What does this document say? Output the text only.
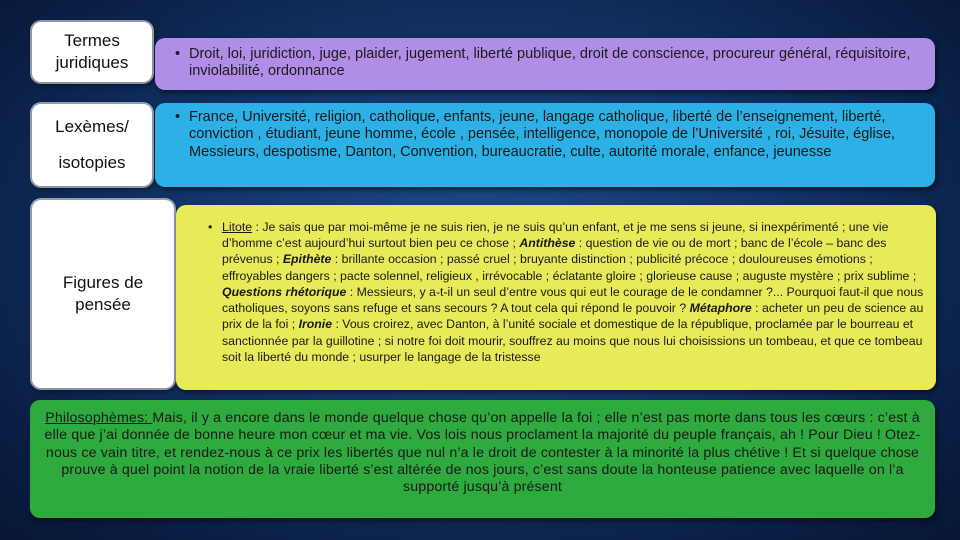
Termes juridiques
Lexèmes/
isotopies
Figures de pensée
• Droit, loi, juridiction, juge, plaider, jugement, liberté publique, droit de conscience, procureur général, réquisitoire, inviolabilité, ordonnance
• France, Université, religion, catholique, enfants, jeune, langage catholique, liberté de l’enseignement, liberté, conviction , étudiant, jeune homme, école , pensée, intelligence, monopole de l’Université , roi, Jésuite, église, Messieurs, despotisme, Danton, Convention, bureaucratie, culte, autorité morale, enfance, jeunesse
• Litote : Je sais que par moi-même je ne suis rien, je ne suis qu’un enfant, et je me sens si jeune, si inexpérimenté ; une vie d’homme c’est aujourd’hui surtout bien peu ce chose ; Antithèse : question de vie ou de mort ; banc de l’école – banc des prévenus ; Epithète : brillante occasion ; passé cruel ; bruyante distinction ; publicité précoce ; douloureuses émotions ; effroyables dangers ; pacte solennel, religieux , irrévocable ; éclatante gloire ; glorieuse cause ; auguste mystère ; prix sublime ; Questions rhétorique : Messieurs, y a-t-il un seul d’entre vous qui eut le courage de le condamner ?... Pourquoi faut-il que nous catholiques, soyons sans refuge et sans secours ? A tout cela qui répond le pouvoir ? Métaphore : acheter un peu de science au prix de la foi ; Ironie : Vous croirez, avec Danton, à l’unité sociale et domestique de la république, proclamée par le bourreau et sanctionnée par la guillotine ; si notre foi doit mourir, souffrez au moins que nous lui choisissions un tombeau, et que ce tombeau soit la liberté du monde ; usurper le langage de la tristesse
Philosophèmes: Mais, il y a encore dans le monde quelque chose qu’on appelle la foi ; elle n’est pas morte dans tous les cœurs : c’est à elle que j’ai donnée de bonne heure mon cœur et ma vie. Vos lois nous proclament la majorité du peuple français, ah ! Pour Dieu ! Otez-nous ce vain titre, et rendez-nous à ce prix les libertés que nul n’a le droit de contester à la minorité la plus chétive ! Et si quelque chose prouve à quel point la notion de la vraie liberté s’est altérée de nos jours, c’est sans doute la honteuse patience avec laquelle on l’a supporté jusqu’à présent
